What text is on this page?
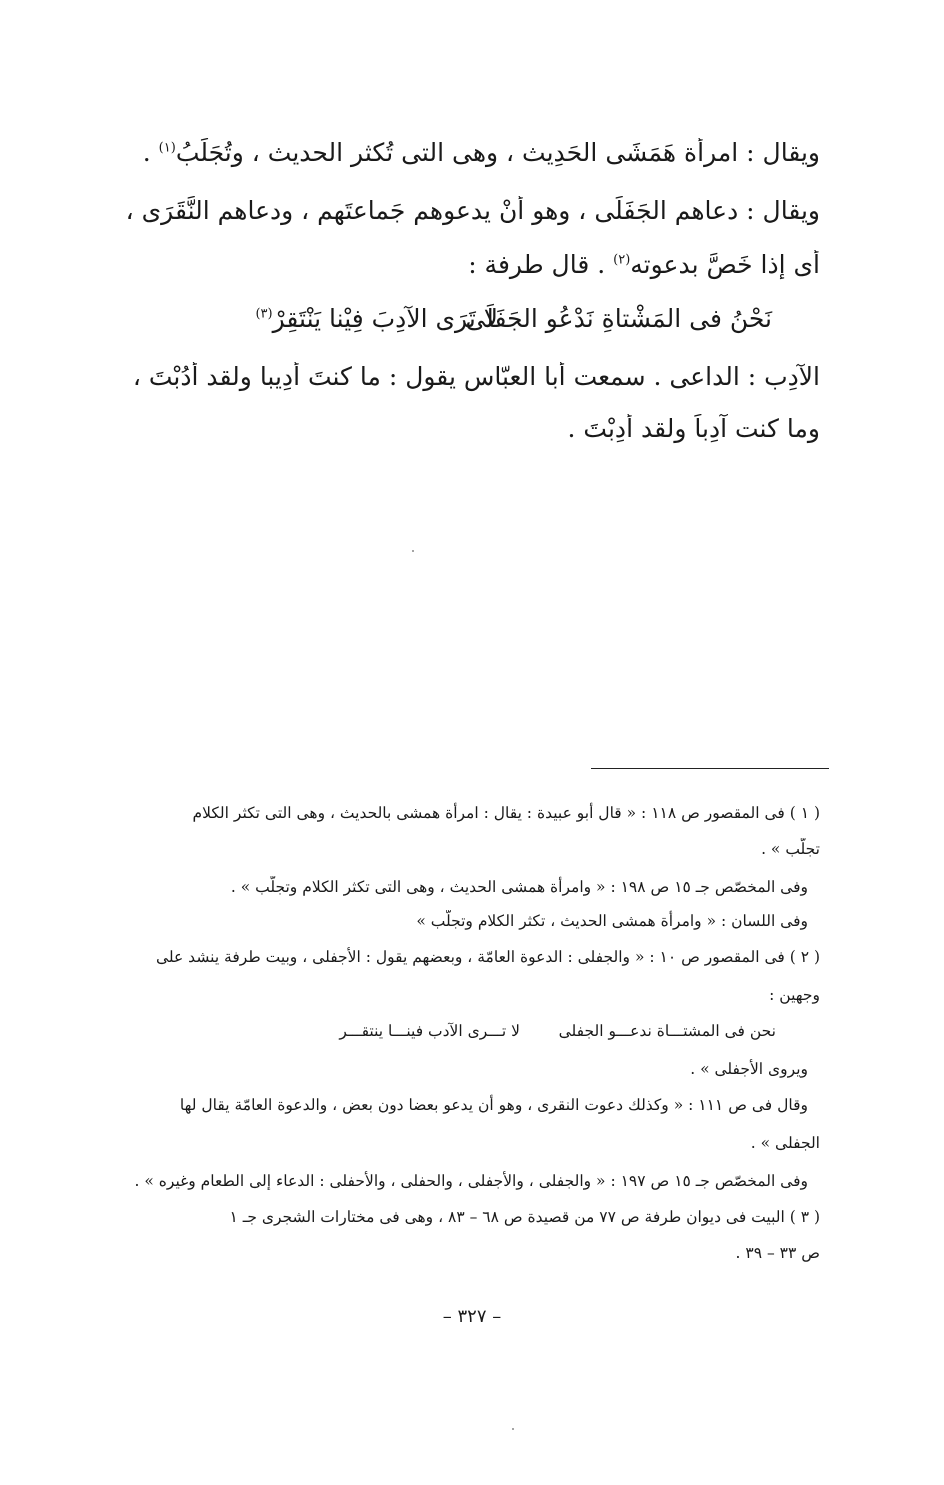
ويقال : امرأة هَمَشَى الحَدِيث ، وهى التى تُكثر الحديث ، وتُجَلِّبُ$^{(١)}$ .
ويقال : دعاهم الجَفَلَى ، وهو أَنْ يدعوهم جَماعتَهم ، ودعاهم النَّقَرَى ،
أى إذا خَصَّ بدعوته$^{(٢)}$ . قال طرفة :
نَحْنُ فى المَشْتاةِ نَدْعُو الجَفَلَى
لا تَرَى الآدِبَ فِيْنا يَنْتَقِرْ$^{(٣)}$
الآدِب : الداعى . سمعت أبا العبّاس يقول : ما كنتَ أَدِيبا ولقد أَدُبْتَ ،
وما كنت آدِباً ولقد أَدِبْتَ .
( ١ ) فى المقصور ص ١١٨ : « قال أبو عبيدة : يقال : امرأة همشى بالحديث ، وهى التى تكثر الكلام
تجلّب » .
وفى المخصّص جـ ١٥ ص ١٩٨ : « وامرأة همشى الحديث ، وهى التى تكثر الكلام وتجلّب » .
وفى اللسان : « وامرأة همشى الحديث ، تكثر الكلام وتجلّب »
( ٢ ) فى المقصور ص ١٠ : « والجفلى : الدعوة العامّة ، وبعضهم يقول : الأجفلى ، وبيت طرفة ينشد على
وجهين :
نحن فى المشتـــاة ندعـــو الجفلى
لا تـــرى الآدب فينـــا ينتقـــر
ويروى الأجفلى » .
وقال فى ص ١١١ : « وكذلك دعوت النقرى ، وهو أن يدعو بعضا دون بعض ، والدعوة العامّة يقال لها
الجفلى » .
وفى المخصّص جـ ١٥ ص ١٩٧ : « والجفلى ، والأجفلى ، والحفلى ، والأحفلى : الدعاء إلى الطعام وغيره » .
( ٣ ) البيت فى ديوان طرفة ص ٧٧ من قصيدة ص ٦٨ – ٨٣ ، وهى فى مختارات الشجرى جـ ١
ص ٣٣ – ٣٩ .
– ٣٢٧ –
